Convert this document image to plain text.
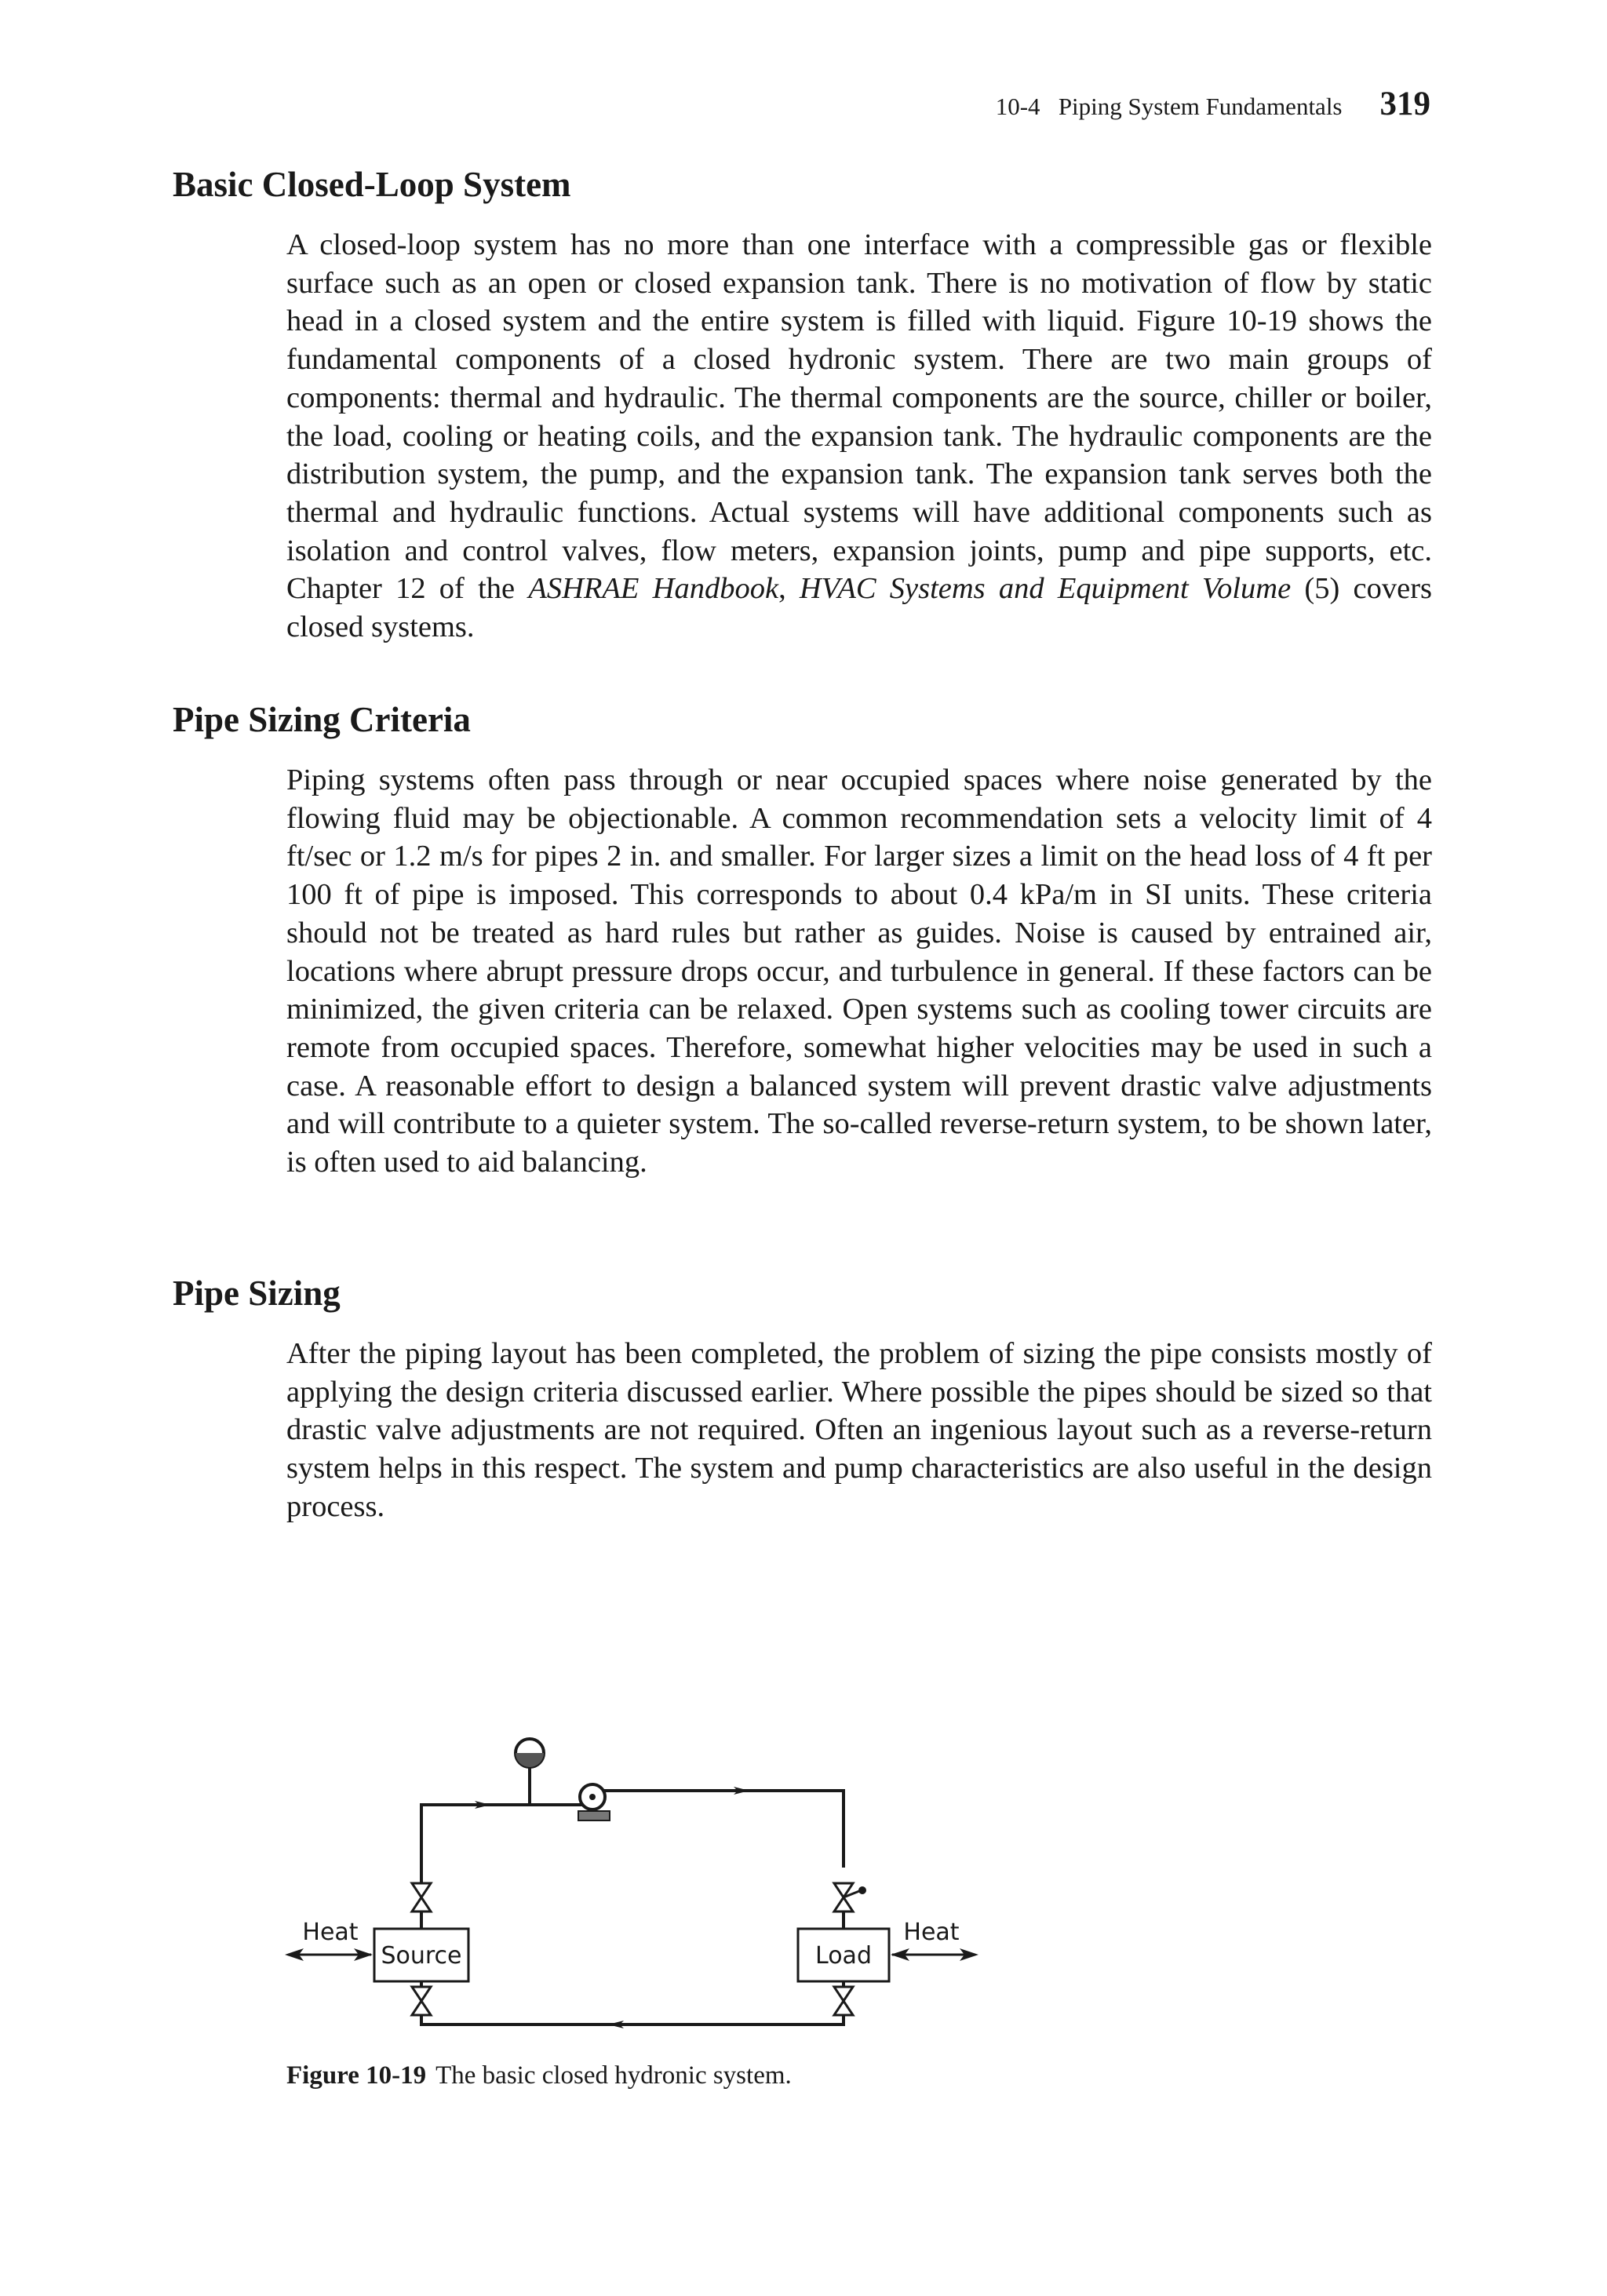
10-4 Piping System Fundamentals 319
Basic Closed-Loop System

A closed-loop system has no more than one interface with a compressible gas or flexible surface such as an open or closed expansion tank. There is no motivation of flow by static head in a closed system and the entire system is filled with liquid. Figure 10-19 shows the fundamental components of a closed hydronic system. There are two main groups of components: thermal and hydraulic. The thermal components are the source, chiller or boiler, the load, cooling or heating coils, and the expansion tank. The hydraulic components are the distribution system, the pump, and the expansion tank. The expansion tank serves both the thermal and hydraulic functions. Actual systems will have additional components such as isolation and control valves, flow meters, expansion joints, pump and pipe supports, etc. Chapter 12 of the ASHRAE Handbook, HVAC Systems and Equipment Volume (5) covers closed systems.

Pipe Sizing Criteria

Piping systems often pass through or near occupied spaces where noise generated by the flowing fluid may be objectionable. A common recommendation sets a velocity limit of 4 ft/sec or 1.2 m/s for pipes 2 in. and smaller. For larger sizes a limit on the head loss of 4 ft per 100 ft of pipe is imposed. This corresponds to about 0.4 kPa/m in SI units. These criteria should not be treated as hard rules but rather as guides. Noise is caused by entrained air, locations where abrupt pressure drops occur, and turbulence in general. If these factors can be minimized, the given criteria can be relaxed. Open systems such as cooling tower circuits are remote from occupied spaces. Therefore, somewhat higher velocities may be used in such a case. A reasonable effort to design a balanced system will prevent drastic valve adjustments and will contribute to a quieter system. The so-called reverse-return system, to be shown later, is often used to aid balancing.

Pipe Sizing

After the piping layout has been completed, the problem of sizing the pipe consists mostly of applying the design criteria discussed earlier. Where possible the pipes should be sized so that drastic valve adjustments are not required. Often an ingenious layout such as a reverse-return system helps in this respect. The system and pump characteristics are also useful in the design process.

Source	Load
Heat	Heat

Figure 10-19 The basic closed hydronic system.
